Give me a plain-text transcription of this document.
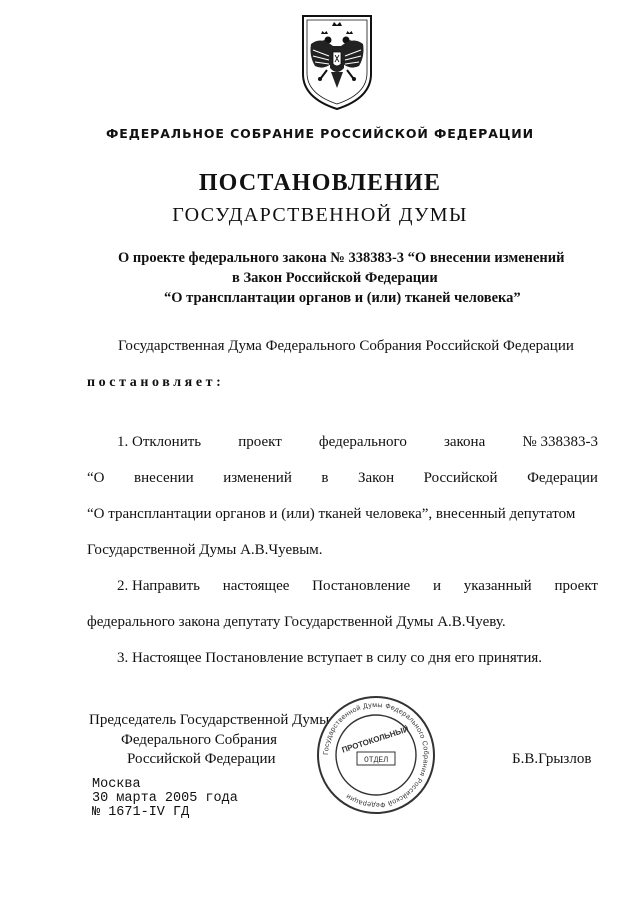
ФЕДЕРАЛЬНОЕ СОБРАНИЕ РОССИЙСКОЙ ФЕДЕРАЦИИ
ПОСТАНОВЛЕНИЕ
ГОСУДАРСТВЕННОЙ ДУМЫ
О проекте федерального закона № 338383-3 “О внесении изменений
в Закон Российской Федерации
“О трансплантации органов и (или) тканей человека”
Государственная Дума Федерального Собрания Российской Федерации
постановляет:
1. Отклонить проект федерального закона № 338383-3
“О внесении изменений в Закон Российской Федерации
“О трансплантации органов и (или) тканей человека”, внесенный депутатом
Государственной Думы А.В.Чуевым.
2. Направить настоящее Постановление и указанный проект
федерального закона депутату Государственной Думы А.В.Чуеву.
3. Настоящее Постановление вступает в силу со дня его принятия.
Председатель Государственной Думы
Федерального Собрания
Российской Федерации	Б.В.Грызлов
Государственной Думы Федерального Собрания Российской Федерации
ПРОТОКОЛЬНЫЙ
ОТДЕЛ
Москва
30 марта 2005 года
№ 1671-IV ГД
